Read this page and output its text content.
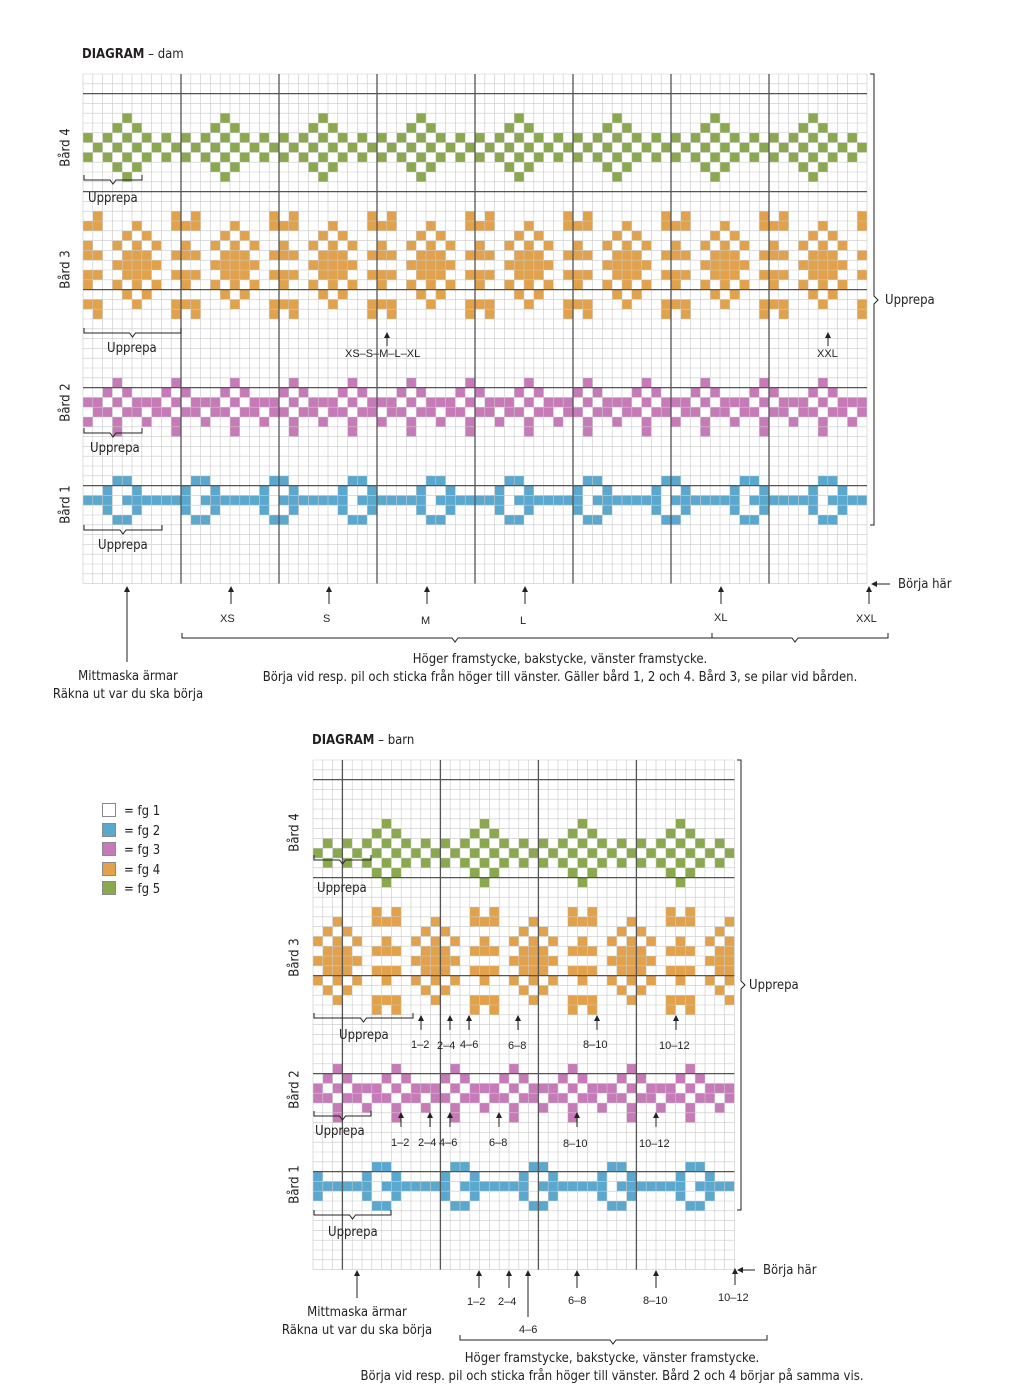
DIAGRAM – dam
Bård 4
Bård 3
Bård 2
Bård 1
Upprepa
Upprepa
Upprepa
Upprepa
Upprepa
XS–S–M–L–XL	XXL
XS	S	M	L	XL	XXL
Börja här
Mittmaska ärmar
Räkna ut var du ska börja
Höger framstycke, bakstycke, vänster framstycke.
Börja vid resp. pil och sticka från höger till vänster. Gäller bård 1, 2 och 4. Bård 3, se pilar vid bården.
= fg 1
= fg 2
= fg 3
= fg 4
= fg 5
DIAGRAM – barn
Bård 4
Bård 3
Bård 2
Bård 1
Upprepa
Upprepa
Upprepa
Upprepa
Upprepa
1–2 2–4 4–6	6–8	8–10	10–12
1–2 2–4 4–6	6–8	8–10	10–12
1–2 2–4
4–6
6–8	8–10	10–12
Börja här
Mittmaska ärmar
Räkna ut var du ska börja
Höger framstycke, bakstycke, vänster framstycke.
Börja vid resp. pil och sticka från höger till vänster. Bård 2 och 4 börjar på samma vis.
